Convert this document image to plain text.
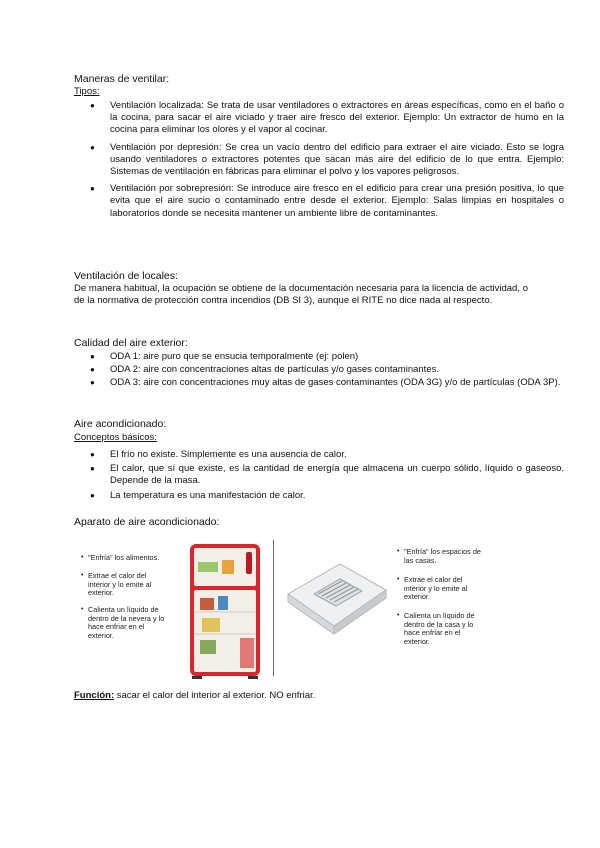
Maneras de ventilar:
Tipos:
● Ventilación localizada: Se trata de usar ventiladores o extractores en áreas específicas, como en el baño o la cocina, para sacar el aire viciado y traer aire fresco del exterior. Ejemplo: Un extractor de humo en la cocina para eliminar los olores y el vapor al cocinar.
● Ventilación por depresión: Se crea un vacío dentro del edificio para extraer el aire viciado. Esto se logra usando ventiladores o extractores potentes que sacan más aire del edificio de lo que entra. Ejemplo: Sistemas de ventilación en fábricas para eliminar el polvo y los vapores peligrosos.
● Ventilación por sobrepresión: Se introduce aire fresco en el edificio para crear una presión positiva, lo que evita que el aire sucio o contaminado entre desde el exterior. Ejemplo: Salas limpias en hospitales o laboratorios donde se necesita mantener un ambiente libre de contaminantes.
Ventilación de locales:
De manera habitual, la ocupación se obtiene de la documentación necesaria para la licencia de actividad, o de la normativa de protección contra incendios (DB SI 3), aunque el RITE no dice nada al respecto.
Calidad del aire exterior:
● ODA 1: aire puro que se ensucia temporalmente (ej: polen)
● ODA 2: aire con concentraciones altas de partículas y/o gases contaminantes.
● ODA 3: aire con concentraciones muy altas de gases contaminantes (ODA 3G) y/o de partículas (ODA 3P).
Aire acondicionado:
Conceptos básicos:
● El frío no existe. Simplemente es una ausencia de calor.
● El calor, que sí que existe, es la cantidad de energía que almacena un cuerpo sólido, líquido o gaseoso. Depende de la masa.
● La temperatura es una manifestación de calor.
Aparato de aire acondicionado:
• "Enfría" los alimentos.
• Extrae el calor del interior y lo emite al exterior.
• Calienta un líquido de dentro de la nevera y lo hace enfriar en el exterior.
• "Enfría" los espacios de las casas.
• Extrae el calor del interior y lo emite al exterior.
• Calienta un líquido de dentro de la casa y lo hace enfriar en el exterior.
Función: sacar el calor del interior al exterior. NO enfriar.
